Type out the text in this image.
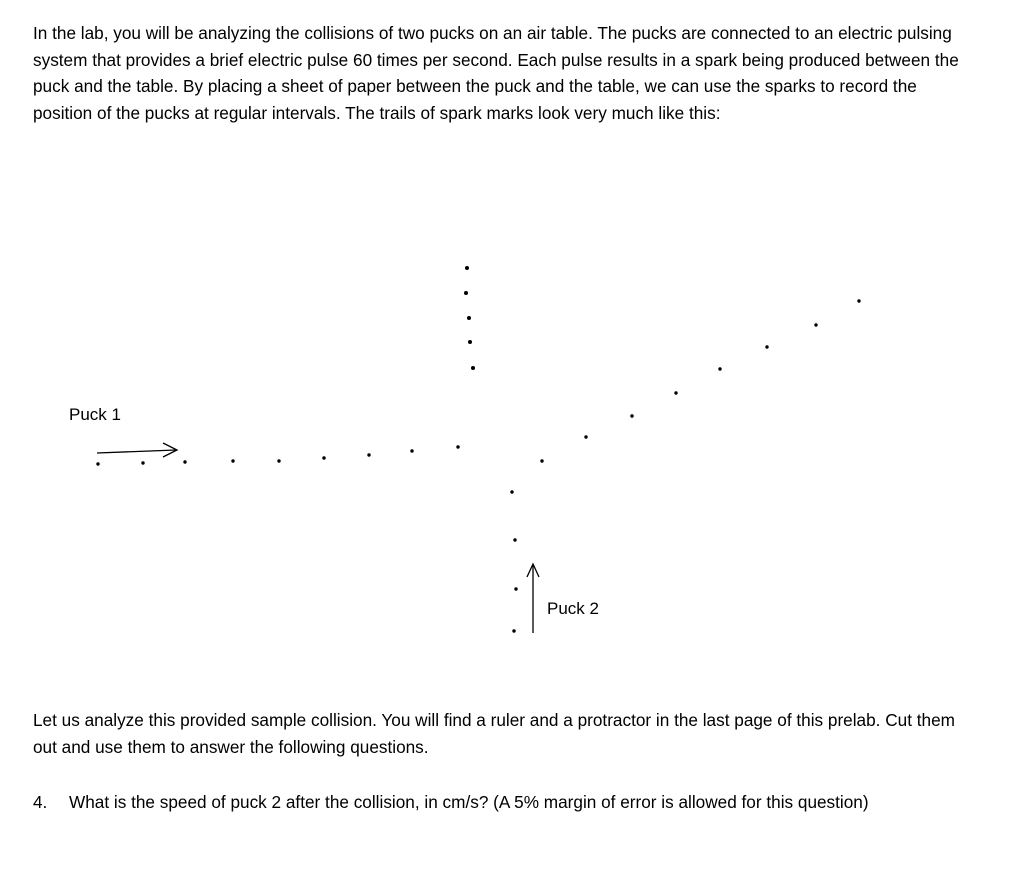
In the lab, you will be analyzing the collisions of two pucks on an air table. The pucks are connected to an electric pulsing system that provides a brief electric pulse 60 times per second. Each pulse results in a spark being produced between the puck and the table. By placing a sheet of paper between the puck and the table, we can use the sparks to record the position of the pucks at regular intervals. The trails of spark marks look very much like this:

Puck 1
Puck 2

Let us analyze this provided sample collision. You will find a ruler and a protractor in the last page of this prelab. Cut them out and use them to answer the following questions.

4.	What is the speed of puck 2 after the collision, in cm/s? (A 5% margin of error is allowed for this question)
